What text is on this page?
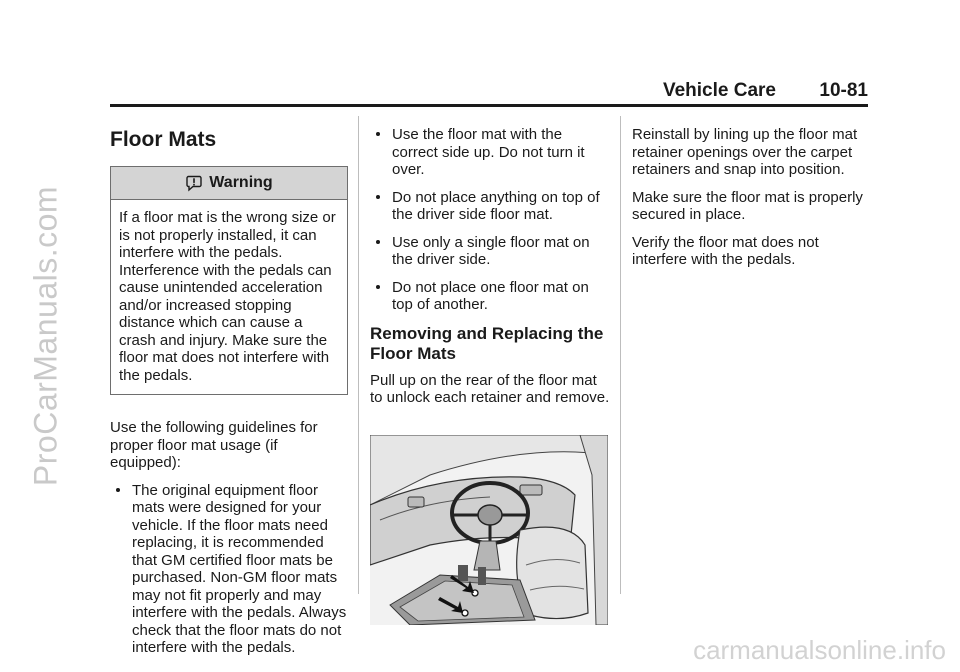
ProCarManuals.com
carmanualsonline.info
Vehicle Care 10-81
Floor Mats
Warning
If a floor mat is the wrong size or is not properly installed, it can interfere with the pedals. Interference with the pedals can cause unintended acceleration and/or increased stopping distance which can cause a crash and injury. Make sure the floor mat does not interfere with the pedals.

Use the following guidelines for proper floor mat usage (if equipped):

The original equipment floor mats were designed for your vehicle. If the floor mats need replacing, it is recommended that GM certified floor mats be purchased. Non-GM floor mats may not fit properly and may interfere with the pedals. Always check that the floor mats do not interfere with the pedals.
Use the floor mat with the correct side up. Do not turn it over.
Do not place anything on top of the driver side floor mat.
Use only a single floor mat on the driver side.
Do not place one floor mat on top of another.
Removing and Replacing the Floor Mats

Pull up on the rear of the floor mat to unlock each retainer and remove.

Reinstall by lining up the floor mat retainer openings over the carpet retainers and snap into position.

Make sure the floor mat is properly secured in place.

Verify the floor mat does not interfere with the pedals.
